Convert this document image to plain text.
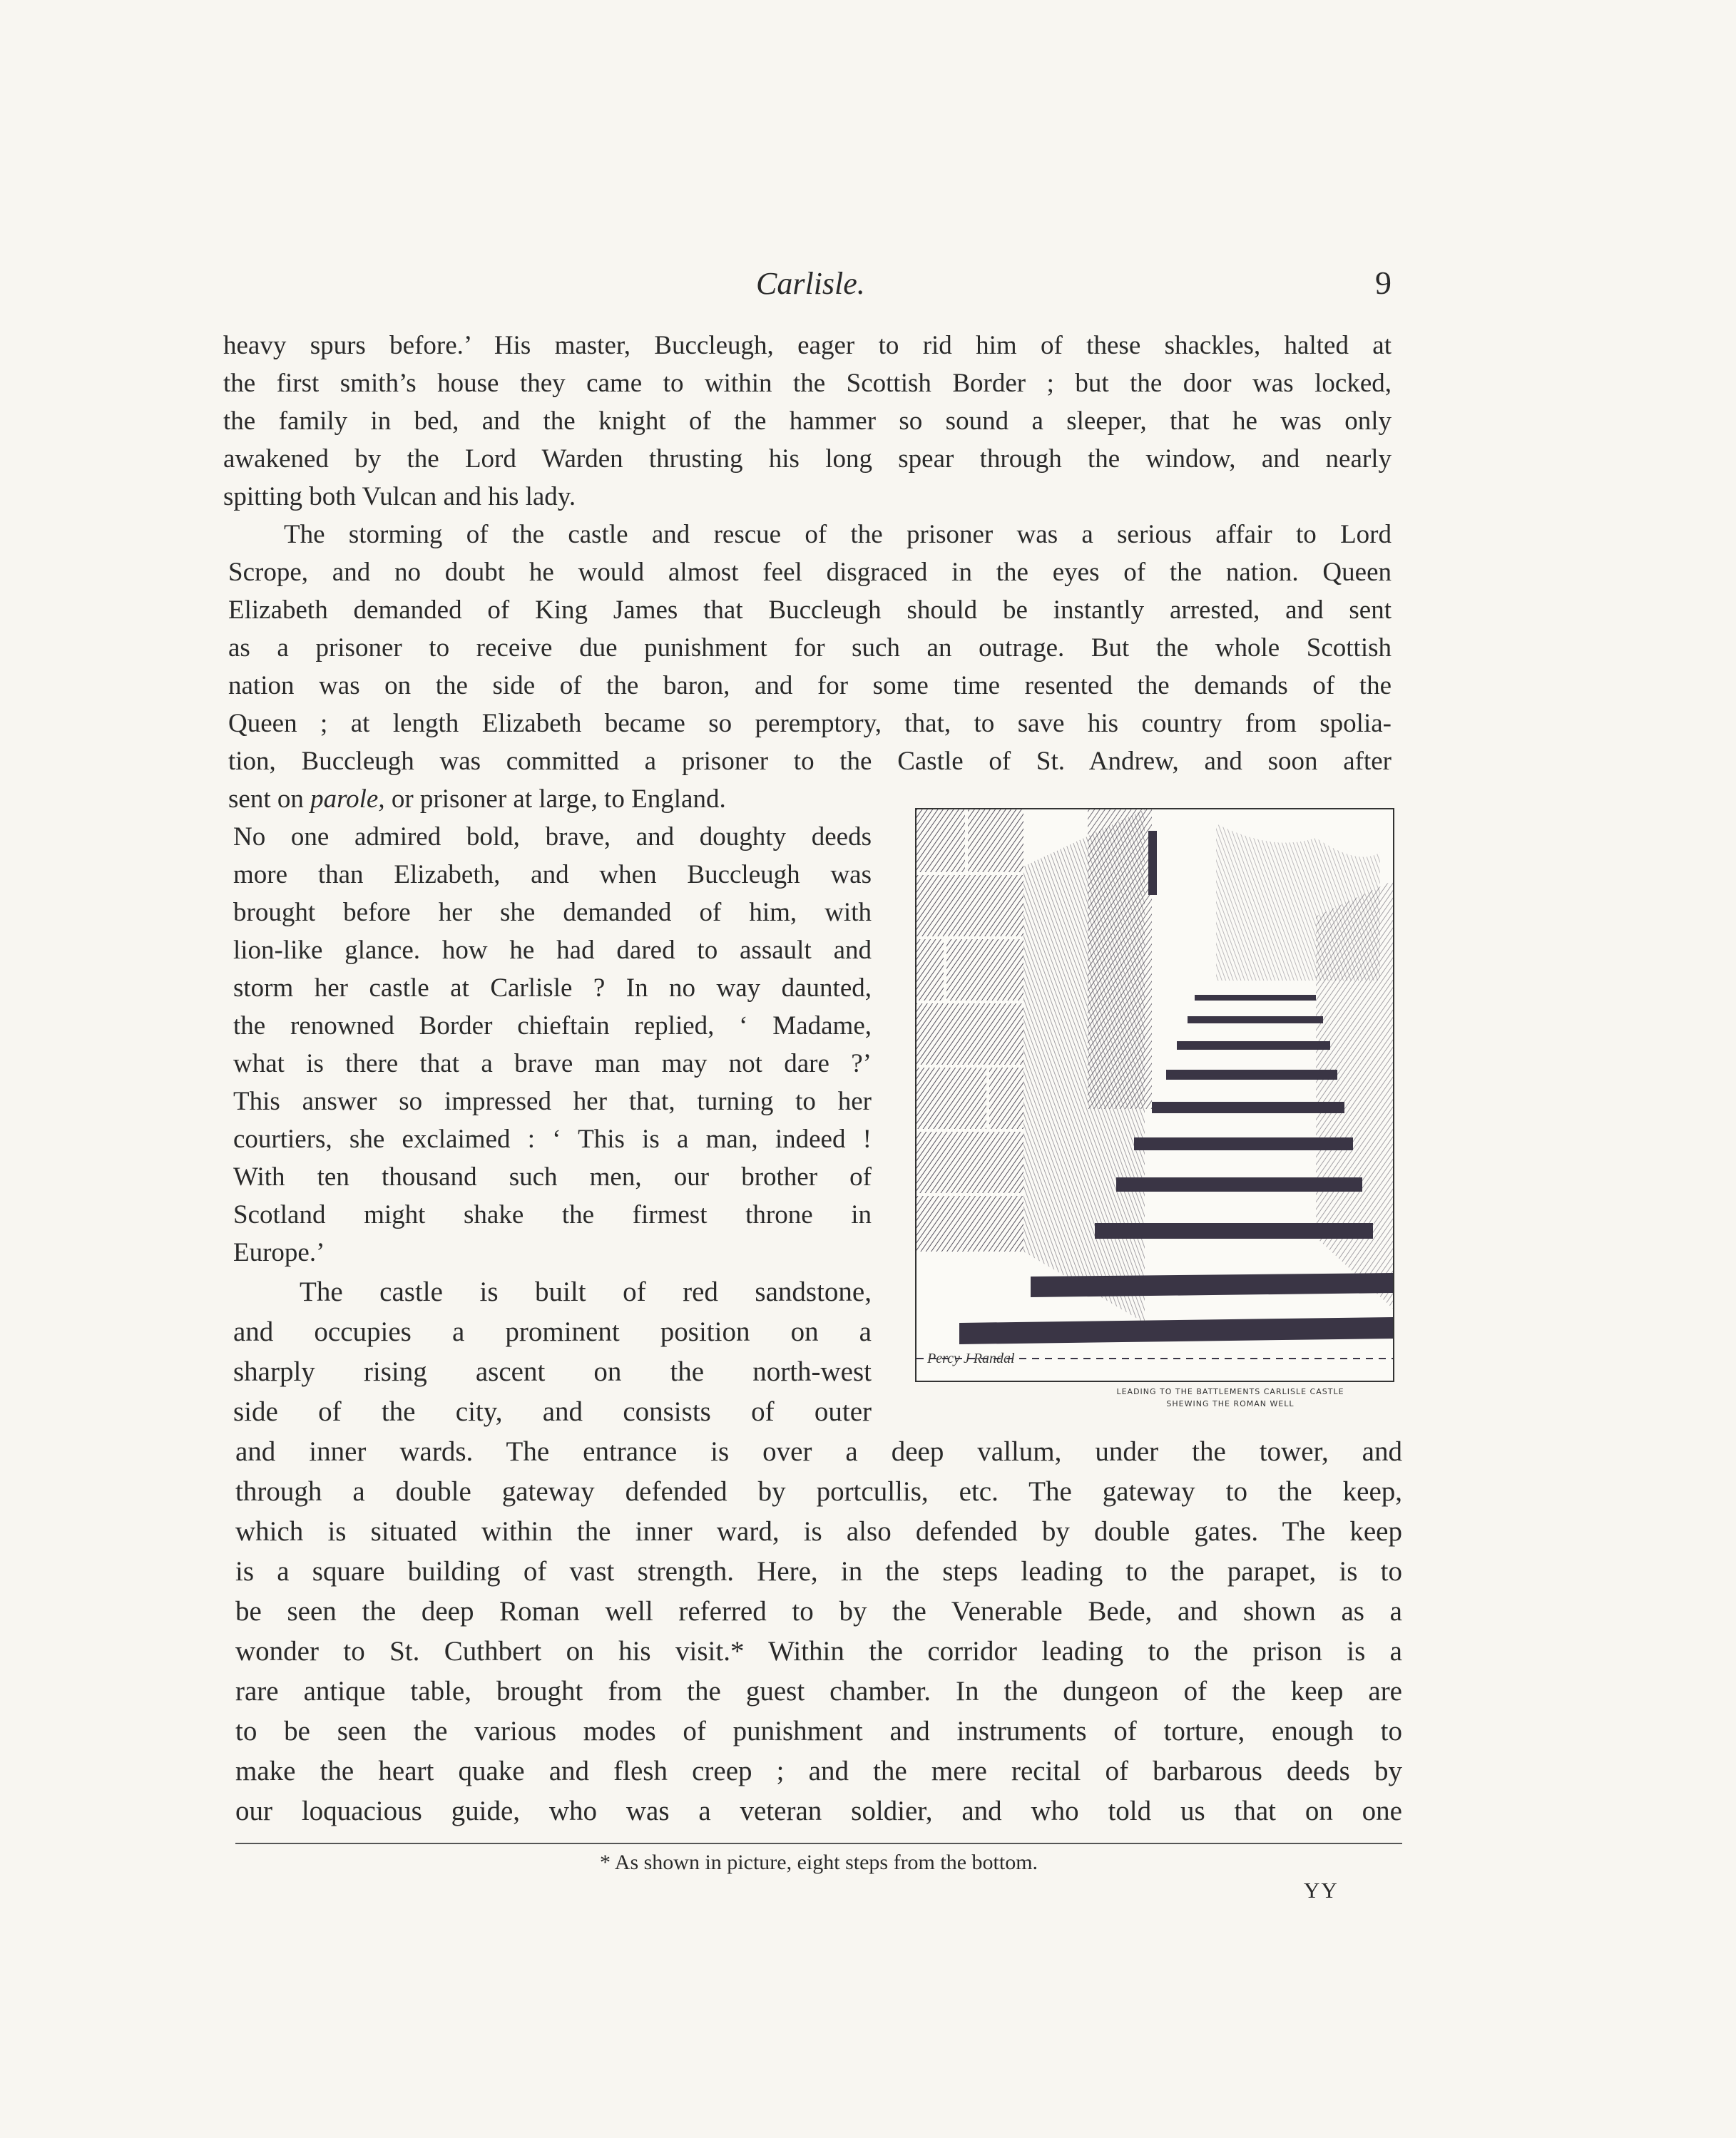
Carlisle.	9
heavy spurs before.’ His master, Buccleugh, eager to rid him of these shackles, halted at
the first smith’s house they came to within the Scottish Border ; but the door was locked,
the family in bed, and the knight of the hammer so sound a sleeper, that he was only
awakened by the Lord Warden thrusting his long spear through the window, and nearly
spitting both Vulcan and his lady.
The storming of the castle and rescue of the prisoner was a serious affair to Lord
Scrope, and no doubt he would almost feel disgraced in the eyes of the nation. Queen
Elizabeth demanded of King James that Buccleugh should be instantly arrested, and sent
as a prisoner to receive due punishment for such an outrage. But the whole Scottish
nation was on the side of the baron, and for some time resented the demands of the
Queen ; at length Elizabeth became so peremptory, that, to save his country from spolia-
tion, Buccleugh was committed a prisoner to the Castle of St. Andrew, and soon after
sent on parole, or prisoner at large, to England.
No one admired bold, brave, and doughty deeds
more than Elizabeth, and when Buccleugh was
brought before her she demanded of him, with
lion-like glance. how he had dared to assault and
storm her castle at Carlisle ? In no way daunted,
the renowned Border chieftain replied, ‘ Madame,
what is there that a brave man may not dare ?’
This answer so impressed her that, turning to her
courtiers, she exclaimed : ‘ This is a man, indeed !
With ten thousand such men, our brother of
Scotland might shake the firmest throne in
Europe.’
The castle is built of red sandstone,
and occupies a prominent position on a
sharply rising ascent on the north-west
side of the city, and consists of outer
and inner wards. The entrance is over a deep vallum, under the tower, and
through a double gateway defended by portcullis, etc. The gateway to the keep,
which is situated within the inner ward, is also defended by double gates. The keep
is a square building of vast strength. Here, in the steps leading to the parapet, is to
be seen the deep Roman well referred to by the Venerable Bede, and shown as a
wonder to St. Cuthbert on his visit.* Within the corridor leading to the prison is a
rare antique table, brought from the guest chamber. In the dungeon of the keep are
to be seen the various modes of punishment and instruments of torture, enough to
make the heart quake and flesh creep ; and the mere recital of barbarous deeds by
our loquacious guide, who was a veteran soldier, and who told us that on one
Percy J Randal
LEADING TO THE BATTLEMENTS CARLISLE CASTLE
SHEWING THE ROMAN WELL
* As shown in picture, eight steps from the bottom.
YY
